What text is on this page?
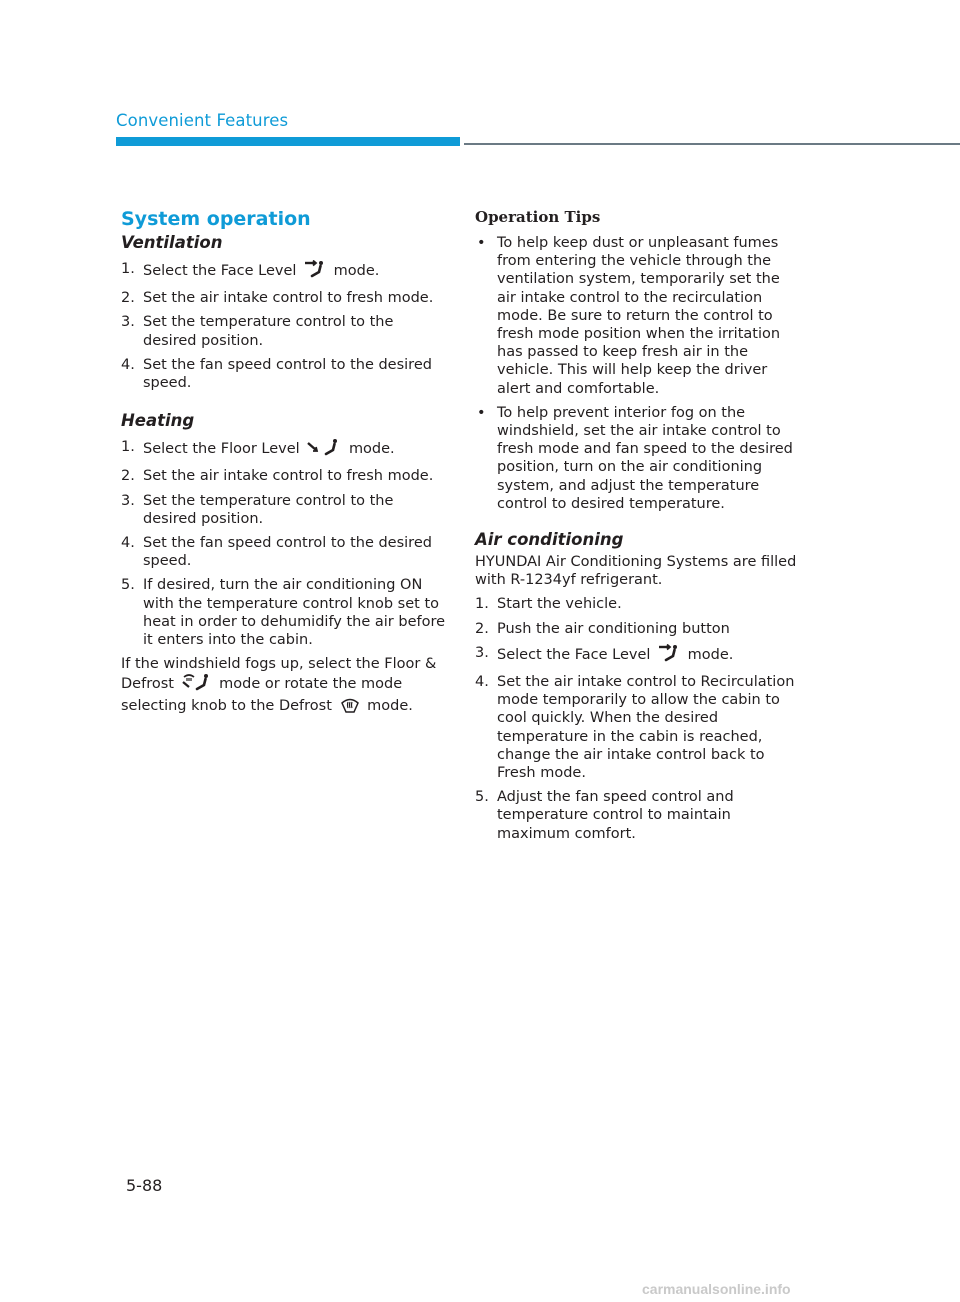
Convenient Features
System operation
Ventilation
1. Select the Face Level	mode.
2. Set the air intake control to fresh mode.
3. Set the temperature control to the desired position.
4. Set the fan speed control to the desired speed.
Heating
1. Select the Floor Level	mode.
2. Set the air intake control to fresh mode.
3. Set the temperature control to the desired position.
4. Set the fan speed control to the desired speed.
5. If desired, turn the air conditioning ON with the temperature control knob set to heat in order to dehumidify the air before it enters into the cabin.

If the windshield fogs up, select the Floor & Defrost	mode or rotate the mode selecting knob to the Defrost mode.

Operation Tips
• To help keep dust or unpleasant fumes from entering the vehicle through the ventilation system, temporarily set the air intake control to the recirculation mode. Be sure to return the control to fresh mode position when the irritation has passed to keep fresh air in the vehicle. This will help keep the driver alert and comfortable.
• To help prevent interior fog on the windshield, set the air intake control to fresh mode and fan speed to the desired position, turn on the air conditioning system, and adjust the temperature control to desired temperature.
Air conditioning

HYUNDAI Air Conditioning Systems are filled with R-1234yf refrigerant.

1. Start the vehicle.
2. Push the air conditioning button
3. Select the Face Level	mode.
4. Set the air intake control to Recirculation mode temporarily to allow the cabin to cool quickly. When the desired temperature in the cabin is reached, change the air intake control back to Fresh mode.
5. Adjust the fan speed control and temperature control to maintain maximum comfort.
5-88
carmanualsonline.info
